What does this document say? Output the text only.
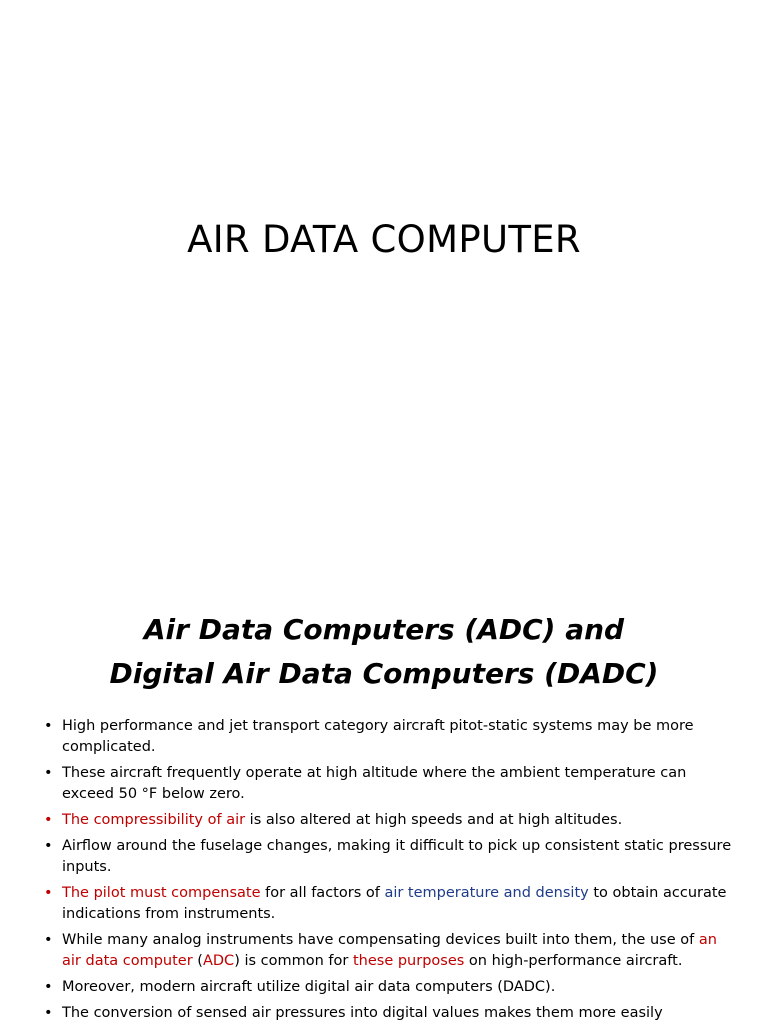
AIR DATA COMPUTER
Air Data Computers (ADC) and
Digital Air Data Computers (DADC)
• High performance and jet transport category aircraft pitot-static systems may be more complicated.
• These aircraft frequently operate at high altitude where the ambient temperature can exceed 50 °F below zero.
• The compressibility of air is also altered at high speeds and at high altitudes.
• Airflow around the fuselage changes, making it difficult to pick up consistent static pressure inputs.
• The pilot must compensate for all factors of air temperature and density to obtain accurate indications from instruments.
• While many analog instruments have compensating devices built into them, the use of an air data computer (ADC) is common for these purposes on high-performance aircraft.
• Moreover, modern aircraft utilize digital air data computers (DADC).
• The conversion of sensed air pressures into digital values makes them more easily
